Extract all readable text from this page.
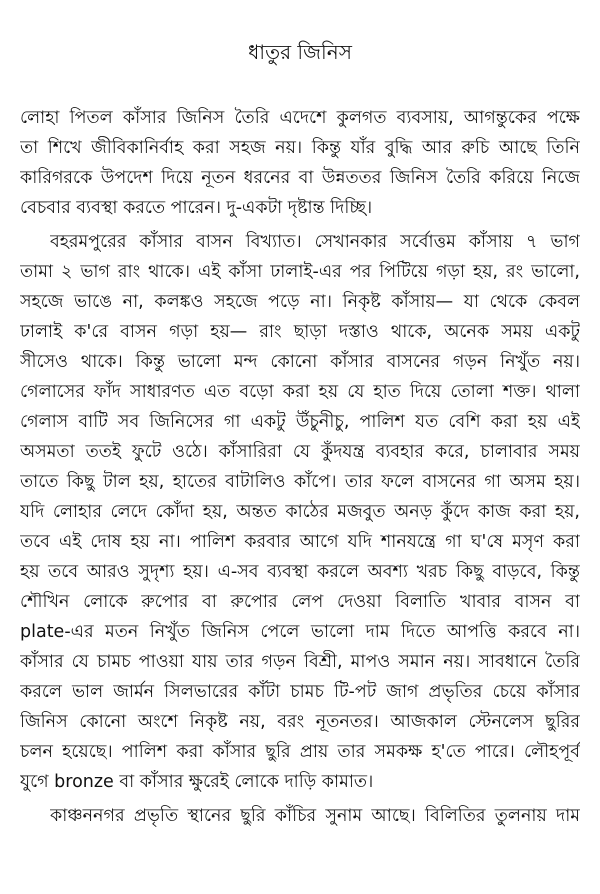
ধাতুর জিনিস
লোহা পিতল কাঁসার জিনিস তৈরি এদেশে কুলগত ব্যবসায়, আগন্তুকের পক্ষে
তা শিখে জীবিকানির্বাহ করা সহজ নয়। কিন্তু যাঁর বুদ্ধি আর রুচি আছে তিনি
কারিগরকে উপদেশ দিয়ে নূতন ধরনের বা উন্নততর জিনিস তৈরি করিয়ে নিজে
বেচবার ব্যবস্থা করতে পারেন। দু-একটা দৃষ্টান্ত দিচ্ছি।
বহরমপুরের কাঁসার বাসন বিখ্যাত। সেখানকার সর্বোত্তম কাঁসায় ৭ ভাগ
তামা ২ ভাগ রাং থাকে। এই কাঁসা ঢালাই-এর পর পিটিয়ে গড়া হয়, রং ভালো,
সহজে ভাঙে না, কলঙ্কও সহজে পড়ে না। নিকৃষ্ট কাঁসায়— যা থেকে কেবল
ঢালাই ক'রে বাসন গড়া হয়— রাং ছাড়া দস্তাও থাকে, অনেক সময় একটু
সীসেও থাকে। কিন্তু ভালো মন্দ কোনো কাঁসার বাসনের গড়ন নিখুঁত নয়।
গেলাসের ফাঁদ সাধারণত এত বড়ো করা হয় যে হাত দিয়ে তোলা শক্ত। থালা
গেলাস বাটি সব জিনিসের গা একটু উঁচুনীচু, পালিশ যত বেশি করা হয় এই
অসমতা ততই ফুটে ওঠে। কাঁসারিরা যে কুঁদযন্ত্র ব্যবহার করে, চালাবার সময়
তাতে কিছু টাল হয়, হাতের বাটালিও কাঁপে। তার ফলে বাসনের গা অসম হয়।
যদি লোহার লেদে কোঁদা হয়, অন্তত কাঠের মজবুত অনড় কুঁদে কাজ করা হয়,
তবে এই দোষ হয় না। পালিশ করবার আগে যদি শানযন্ত্রে গা ঘ'ষে মসৃণ করা
হয় তবে আরও সুদৃশ্য হয়। এ-সব ব্যবস্থা করলে অবশ্য খরচ কিছু বাড়বে, কিন্তু
শৌখিন লোকে রুপোর বা রুপোর লেপ দেওয়া বিলাতি খাবার বাসন বা
plate-এর মতন নিখুঁত জিনিস পেলে ভালো দাম দিতে আপত্তি করবে না।
কাঁসার যে চামচ পাওয়া যায় তার গড়ন বিশ্রী, মাপও সমান নয়। সাবধানে তৈরি
করলে ভাল জার্মন সিলভারের কাঁটা চামচ টি-পট জাগ প্রভৃতির চেয়ে কাঁসার
জিনিস কোনো অংশে নিকৃষ্ট নয়, বরং নূতনতর। আজকাল স্টেনলেস ছুরির
চলন হয়েছে। পালিশ করা কাঁসার ছুরি প্রায় তার সমকক্ষ হ'তে পারে। লৌহপূর্ব
যুগে bronze বা কাঁসার ক্ষুরেই লোকে দাড়ি কামাত।
কাঞ্চননগর প্রভৃতি স্থানের ছুরি কাঁচির সুনাম আছে। বিলিতির তুলনায় দাম
